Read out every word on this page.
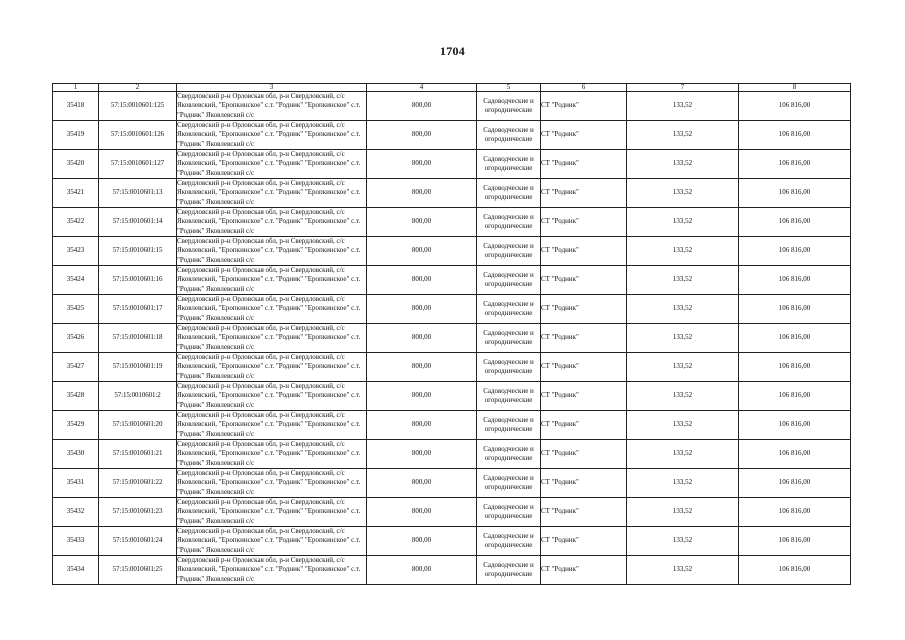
1704
1	2	3	4	5	6	7	8
35418	57:15:0010601:125	Свердловский р-н Орловская обл, р-н Свердловский, с/с
Яковлевский, "Еропкинское" с.т. "Родник" "Еропкинское" с.т.
"Родник" Яковлевский с/с	800,00	Садоводческие и
огороднические	СТ "Родник"	133,52	106 816,00
35419	57:15:0010601:126	Свердловский р-н Орловская обл, р-н Свердловский, с/с
Яковлевский, "Еропкинское" с.т. "Родник" "Еропкинское" с.т.
"Родник" Яковлевский с/с	800,00	Садоводческие и
огороднические	СТ "Родник"	133,52	106 816,00
35420	57:15:0010601:127	Свердловский р-н Орловская обл, р-н Свердловский, с/с
Яковлевский, "Еропкинское" с.т. "Родник" "Еропкинское" с.т.
"Родник" Яковлевский с/с	800,00	Садоводческие и
огороднические	СТ "Родник"	133,52	106 816,00
35421	57:15:0010601:13	Свердловский р-н Орловская обл, р-н Свердловский, с/с
Яковлевский, "Еропкинское" с.т. "Родник" "Еропкинское" с.т.
"Родник" Яковлевский с/с	800,00	Садоводческие и
огороднические	СТ "Родник"	133,52	106 816,00
35422	57:15:0010601:14	Свердловский р-н Орловская обл, р-н Свердловский, с/с
Яковлевский, "Еропкинское" с.т. "Родник" "Еропкинское" с.т.
"Родник" Яковлевский с/с	800,00	Садоводческие и
огороднические	СТ "Родник"	133,52	106 816,00
35423	57:15:0010601:15	Свердловский р-н Орловская обл, р-н Свердловский, с/с
Яковлевский, "Еропкинское" с.т. "Родник" "Еропкинское" с.т.
"Родник" Яковлевский с/с	800,00	Садоводческие и
огороднические	СТ "Родник"	133,52	106 816,00
35424	57:15:0010601:16	Свердловский р-н Орловская обл, р-н Свердловский, с/с
Яковлевский, "Еропкинское" с.т. "Родник" "Еропкинское" с.т.
"Родник" Яковлевский с/с	800,00	Садоводческие и
огороднические	СТ "Родник"	133,52	106 816,00
35425	57:15:0010601:17	Свердловский р-н Орловская обл, р-н Свердловский, с/с
Яковлевский, "Еропкинское" с.т. "Родник" "Еропкинское" с.т.
"Родник" Яковлевский с/с	800,00	Садоводческие и
огороднические	СТ "Родник"	133,52	106 816,00
35426	57:15:0010601:18	Свердловский р-н Орловская обл, р-н Свердловский, с/с
Яковлевский, "Еропкинское" с.т. "Родник" "Еропкинское" с.т.
"Родник" Яковлевский с/с	800,00	Садоводческие и
огороднические	СТ "Родник"	133,52	106 816,00
35427	57:15:0010601:19	Свердловский р-н Орловская обл, р-н Свердловский, с/с
Яковлевский, "Еропкинское" с.т. "Родник" "Еропкинское" с.т.
"Родник" Яковлевский с/с	800,00	Садоводческие и
огороднические	СТ "Родник"	133,52	106 816,00
35428	57:15:0010601:2	Свердловский р-н Орловская обл, р-н Свердловский, с/с
Яковлевский, "Еропкинское" с.т. "Родник" "Еропкинское" с.т.
"Родник" Яковлевский с/с	800,00	Садоводческие и
огороднические	СТ "Родник"	133,52	106 816,00
35429	57:15:0010601:20	Свердловский р-н Орловская обл, р-н Свердловский, с/с
Яковлевский, "Еропкинское" с.т. "Родник" "Еропкинское" с.т.
"Родник" Яковлевский с/с	800,00	Садоводческие и
огороднические	СТ "Родник"	133,52	106 816,00
35430	57:15:0010601:21	Свердловский р-н Орловская обл, р-н Свердловский, с/с
Яковлевский, "Еропкинское" с.т. "Родник" "Еропкинское" с.т.
"Родник" Яковлевский с/с	800,00	Садоводческие и
огороднические	СТ "Родник"	133,52	106 816,00
35431	57:15:0010601:22	Свердловский р-н Орловская обл, р-н Свердловский, с/с
Яковлевский, "Еропкинское" с.т. "Родник" "Еропкинское" с.т.
"Родник" Яковлевский с/с	800,00	Садоводческие и
огороднические	СТ "Родник"	133,52	106 816,00
35432	57:15:0010601:23	Свердловский р-н Орловская обл, р-н Свердловский, с/с
Яковлевский, "Еропкинское" с.т. "Родник" "Еропкинское" с.т.
"Родник" Яковлевский с/с	800,00	Садоводческие и
огороднические	СТ "Родник"	133,52	106 816,00
35433	57:15:0010601:24	Свердловский р-н Орловская обл, р-н Свердловский, с/с
Яковлевский, "Еропкинское" с.т. "Родник" "Еропкинское" с.т.
"Родник" Яковлевский с/с	800,00	Садоводческие и
огороднические	СТ "Родник"	133,52	106 816,00
35434	57:15:0010601:25	Свердловский р-н Орловская обл, р-н Свердловский, с/с
Яковлевский, "Еропкинское" с.т. "Родник" "Еропкинское" с.т.
"Родник" Яковлевский с/с	800,00	Садоводческие и
огороднические	СТ "Родник"	133,52	106 816,00
